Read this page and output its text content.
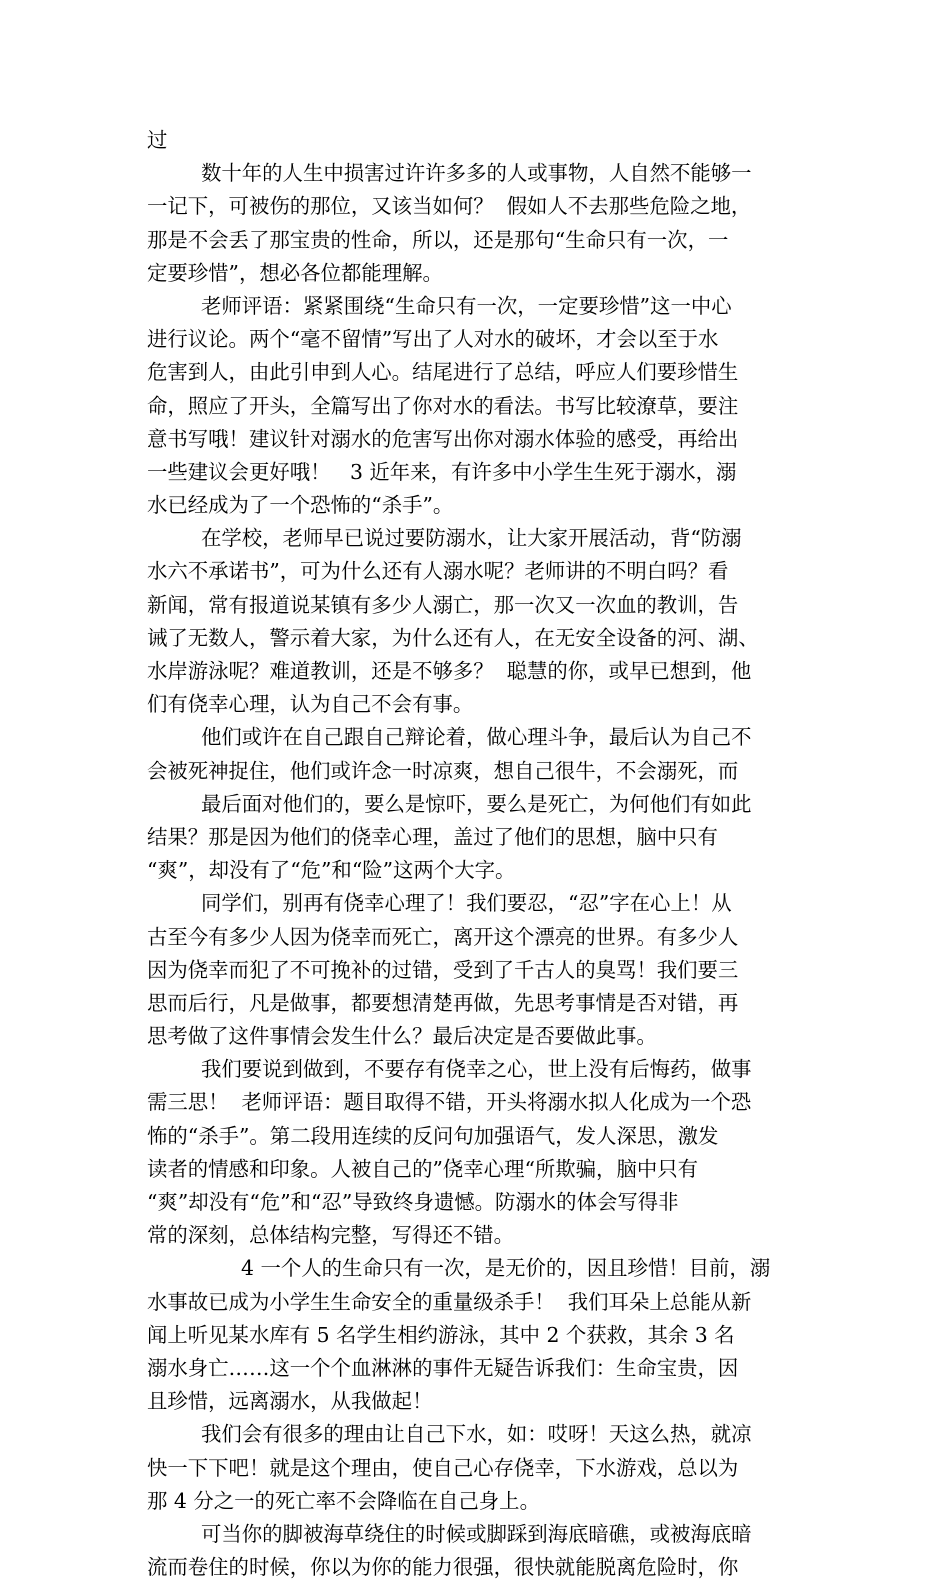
过
数十年的人生中损害过许许多多的人或事物，人自然不能够一
一记下，可被伤的那位，又该当如何？  假如人不去那些危险之地，
那是不会丢了那宝贵的性命，所以，还是那句“生命只有一次，一
定要珍惜”，想必各位都能理解。
老师评语：紧紧围绕“生命只有一次，一定要珍惜”这一中心
进行议论。两个“毫不留情”写出了人对水的破坏，才会以至于水
危害到人，由此引申到人心。结尾进行了总结，呼应人们要珍惜生
命，照应了开头，全篇写出了你对水的看法。书写比较潦草，要注
意书写哦！建议针对溺水的危害写出你对溺水体验的感受，再给出
一些建议会更好哦！   3 近年来，有许多中小学生生死于溺水，溺
水已经成为了一个恐怖的“杀手”。
在学校，老师早已说过要防溺水，让大家开展活动，背“防溺
水六不承诺书”，可为什么还有人溺水呢？老师讲的不明白吗？看
新闻，常有报道说某镇有多少人溺亡，那一次又一次血的教训，告
诫了无数人，警示着大家，为什么还有人，在无安全设备的河、湖、
水岸游泳呢？难道教训，还是不够多？  聪慧的你，或早已想到，他
们有侥幸心理，认为自己不会有事。
他们或许在自己跟自己辩论着，做心理斗争，最后认为自己不
会被死神捉住，他们或许念一时凉爽，想自己很牛，不会溺死，而
最后面对他们的，要么是惊吓，要么是死亡，为何他们有如此
结果？那是因为他们的侥幸心理，盖过了他们的思想，脑中只有
“爽”，却没有了“危”和“险”这两个大字。
同学们，别再有侥幸心理了！我们要忍，“忍”字在心上！从
古至今有多少人因为侥幸而死亡，离开这个漂亮的世界。有多少人
因为侥幸而犯了不可挽补的过错，受到了千古人的臭骂！我们要三
思而后行，凡是做事，都要想清楚再做，先思考事情是否对错，再
思考做了这件事情会发生什么？最后决定是否要做此事。
我们要说到做到，不要存有侥幸之心，世上没有后悔药，做事
需三思！  老师评语：题目取得不错，开头将溺水拟人化成为一个恐
怖的“杀手”。第二段用连续的反问句加强语气，发人深思，激发
读者的情感和印象。人被自己的”侥幸心理“所欺骗，脑中只有
“爽”却没有“危”和“忍”导致终身遗憾。防溺水的体会写得非
常的深刻，总体结构完整，写得还不错。
4 一个人的生命只有一次，是无价的，因且珍惜！目前，溺
水事故已成为小学生生命安全的重量级杀手！  我们耳朵上总能从新
闻上听见某水库有 5 名学生相约游泳，其中 2 个获救，其余 3 名
溺水身亡……这一个个血淋淋的事件无疑告诉我们：生命宝贵，因
且珍惜，远离溺水，从我做起！
我们会有很多的理由让自己下水，如：哎呀！天这么热，就凉
快一下下吧！就是这个理由，使自己心存侥幸，下水游戏，总以为
那 4 分之一的死亡率不会降临在自己身上。
可当你的脚被海草绕住的时候或脚踩到海底暗礁，或被海底暗
流而卷住的时候，你以为你的能力很强，很快就能脱离危险时，你
